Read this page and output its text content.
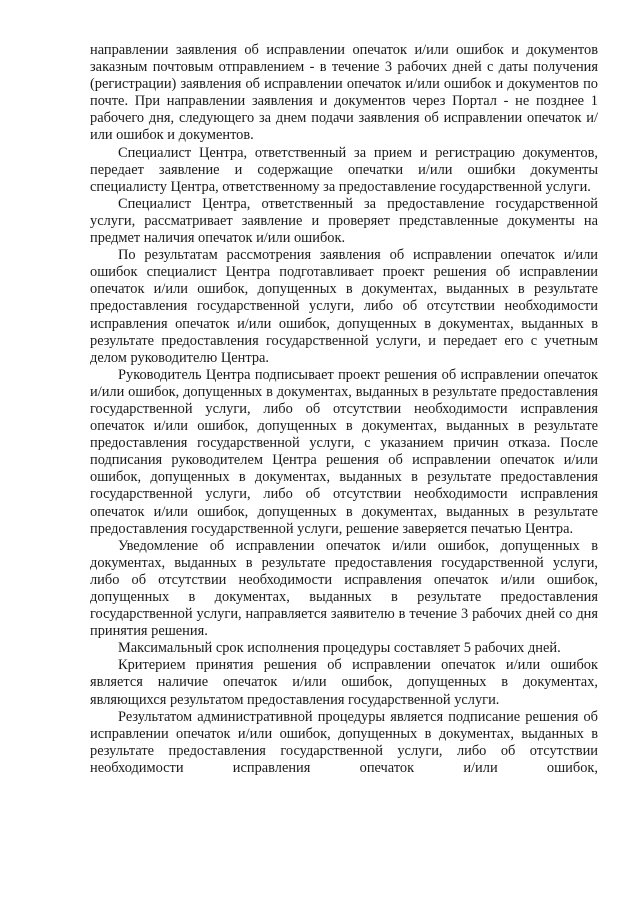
направлении заявления об исправлении опечаток и/или ошибок и документов заказным почтовым отправлением - в течение 3 рабочих дней с даты получения (регистрации) заявления об исправлении опечаток и/или ошибок и документов по почте. При направлении заявления и документов через Портал - не позднее 1 рабочего дня, следующего за днем подачи заявления об исправлении опечаток и/или ошибок и документов.

Специалист Центра, ответственный за прием и регистрацию документов, передает заявление и содержащие опечатки и/или ошибки документы специалисту Центра, ответственному за предоставление государственной услуги.

Специалист Центра, ответственный за предоставление государственной услуги, рассматривает заявление и проверяет представленные документы на предмет наличия опечаток и/или ошибок.

По результатам рассмотрения заявления об исправлении опечаток и/или ошибок специалист Центра подготавливает проект решения об исправлении опечаток и/или ошибок, допущенных в документах, выданных в результате предоставления государственной услуги, либо об отсутствии необходимости исправления опечаток и/или ошибок, допущенных в документах, выданных в результате предоставления государственной услуги, и передает его с учетным делом руководителю Центра.

Руководитель Центра подписывает проект решения об исправлении опечаток и/или ошибок, допущенных в документах, выданных в результате предоставления государственной услуги, либо об отсутствии необходимости исправления опечаток и/или ошибок, допущенных в документах, выданных в результате предоставления государственной услуги, с указанием причин отказа. После подписания руководителем Центра решения об исправлении опечаток и/или ошибок, допущенных в документах, выданных в результате предоставления государственной услуги, либо об отсутствии необходимости исправления опечаток и/или ошибок, допущенных в документах, выданных в результате предоставления государственной услуги, решение заверяется печатью Центра.

Уведомление об исправлении опечаток и/или ошибок, допущенных в документах, выданных в результате предоставления государственной услуги, либо об отсутствии необходимости исправления опечаток и/или ошибок, допущенных в документах, выданных в результате предоставления государственной услуги, направляется заявителю в течение 3 рабочих дней со дня принятия решения.

Максимальный срок исполнения процедуры составляет 5 рабочих дней.

Критерием принятия решения об исправлении опечаток и/или ошибок является наличие опечаток и/или ошибок, допущенных в документах, являющихся результатом предоставления государственной услуги.

Результатом административной процедуры является подписание решения об исправлении опечаток и/или ошибок, допущенных в документах, выданных в результате предоставления государственной услуги, либо об отсутствии необходимости исправления опечаток и/или ошибок,
